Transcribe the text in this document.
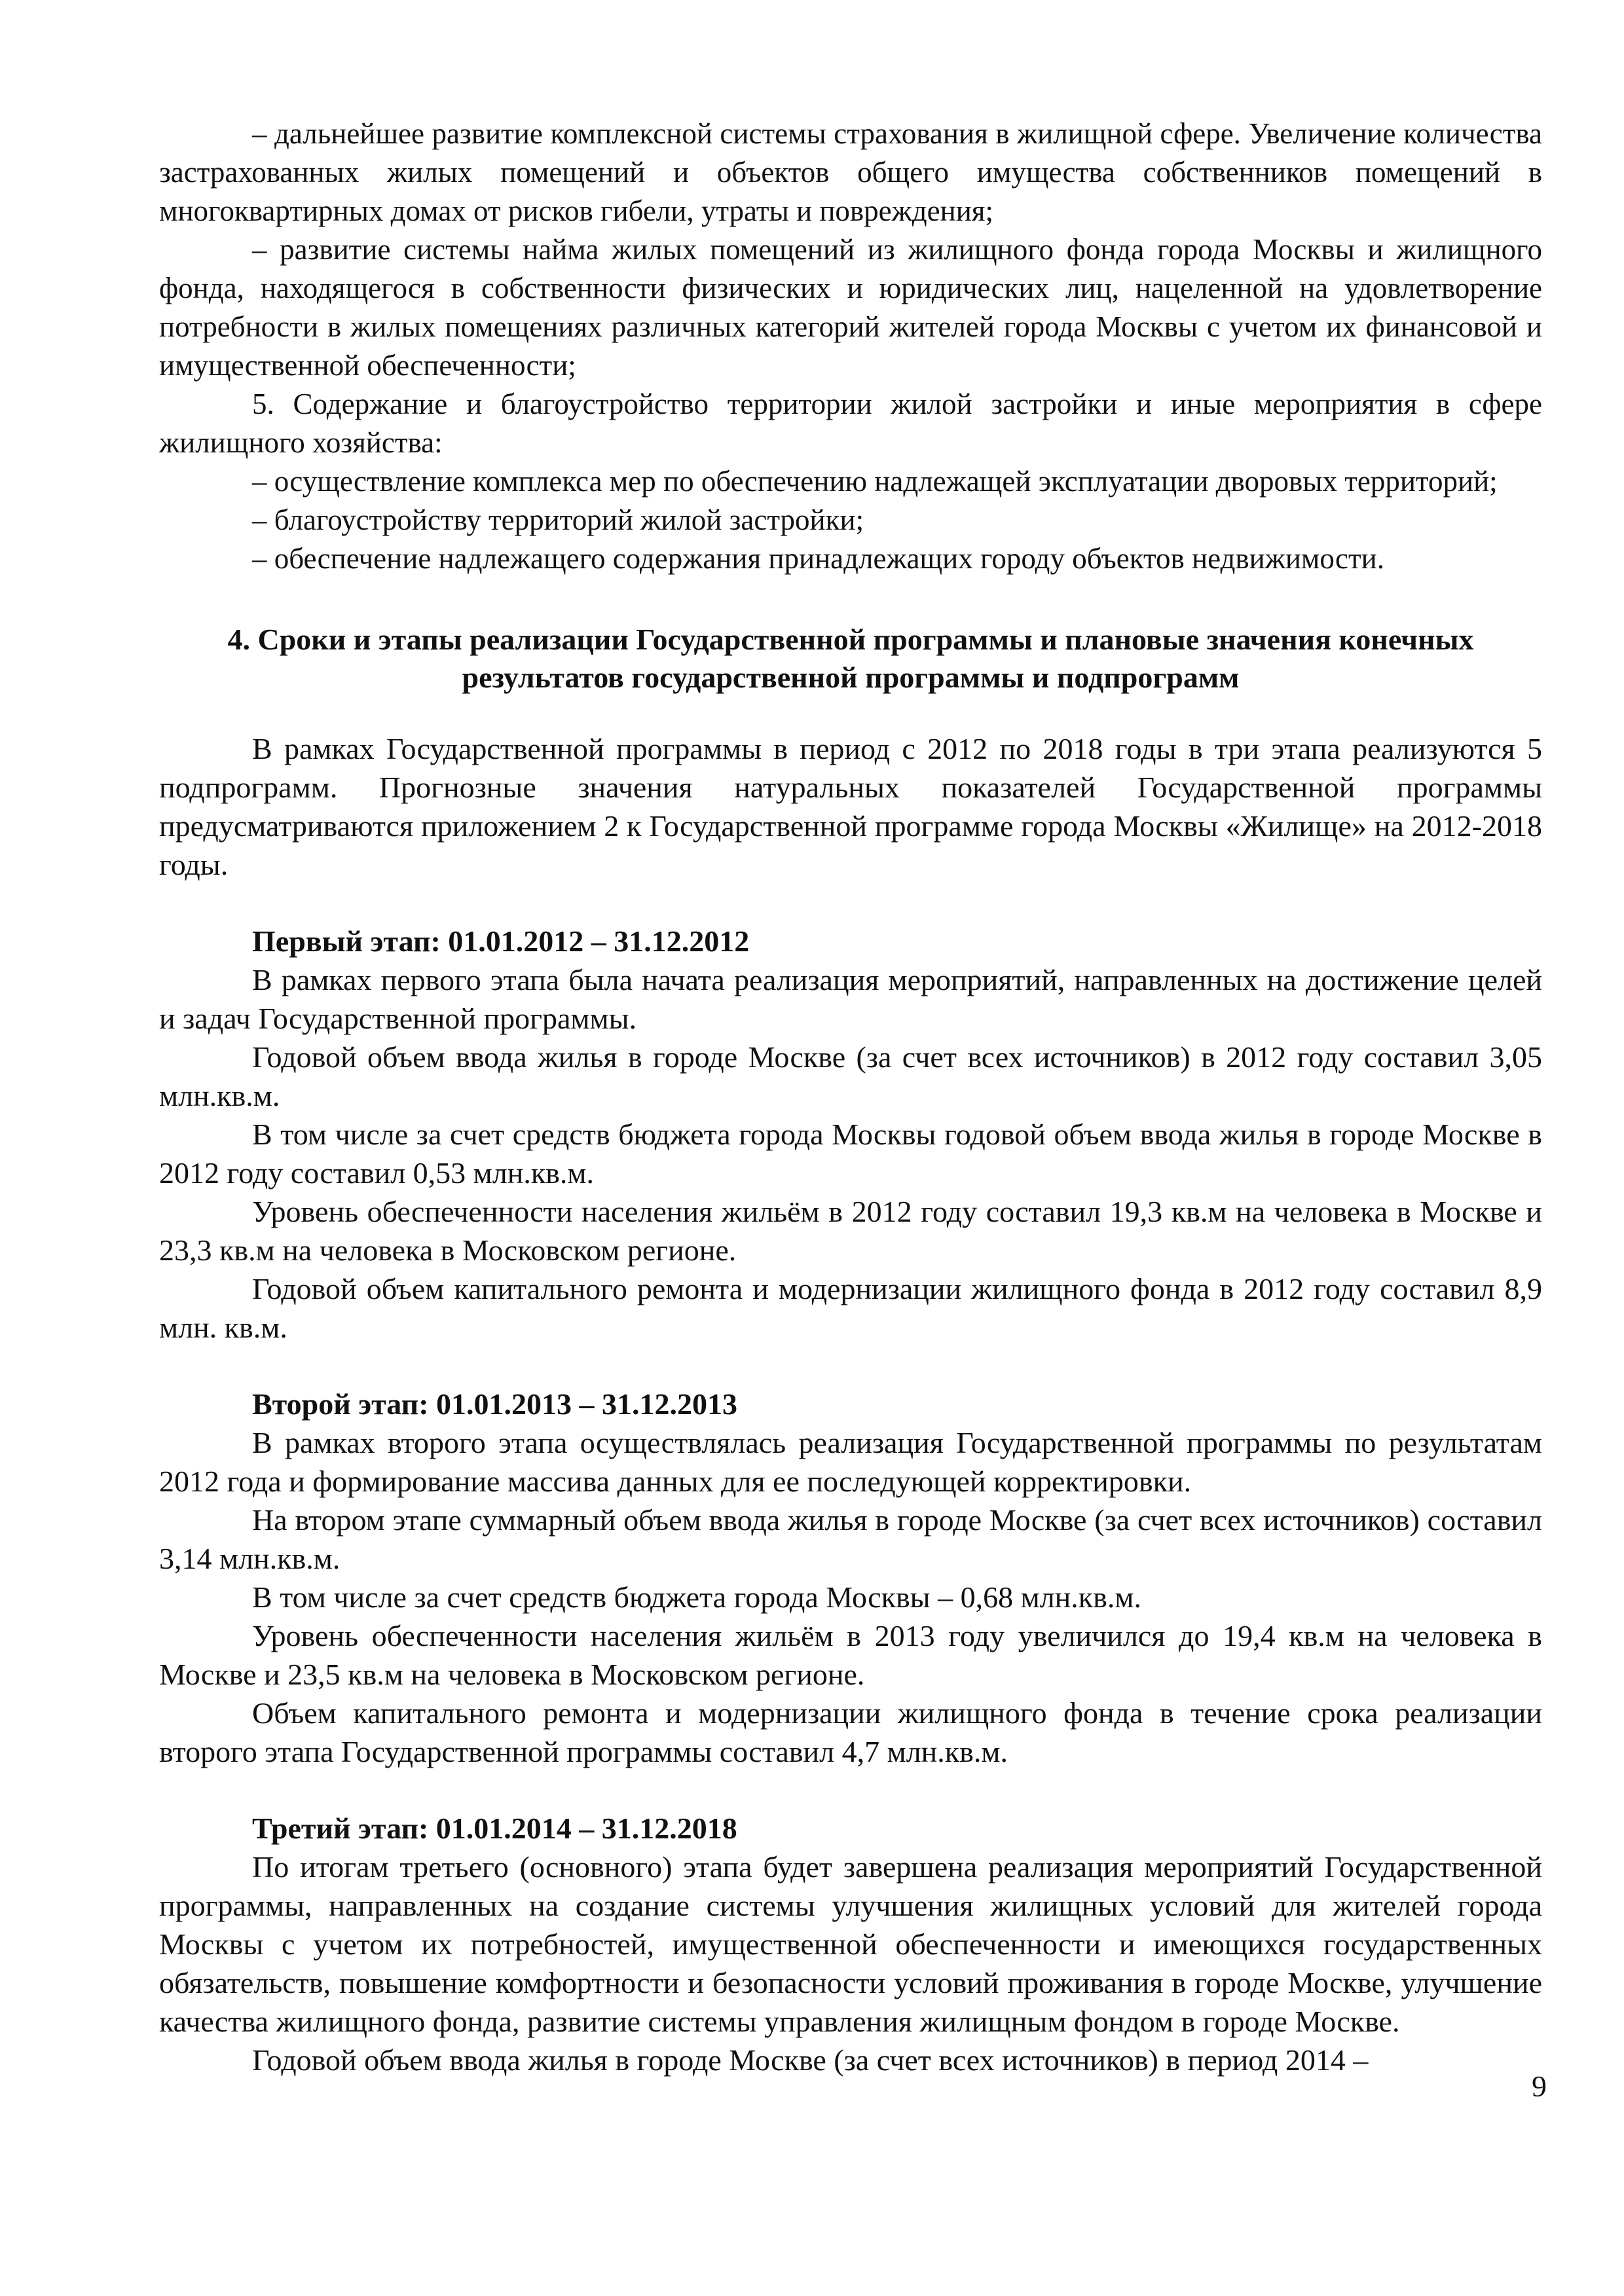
– дальнейшее развитие комплексной системы страхования в жилищной сфере. Увеличение количества застрахованных жилых помещений и объектов общего имущества собственников помещений в многоквартирных домах от рисков гибели, утраты и повреждения;

– развитие системы найма жилых помещений из жилищного фонда города Москвы и жилищного фонда, находящегося в собственности физических и юридических лиц, нацеленной на удовлетворение потребности в жилых помещениях различных категорий жителей города Москвы с учетом их финансовой и имущественной обеспеченности;

5. Содержание и благоустройство территории жилой застройки и иные мероприятия в сфере жилищного хозяйства:

– осуществление комплекса мер по обеспечению надлежащей эксплуатации дворовых территорий;

– благоустройству территорий жилой застройки;

– обеспечение надлежащего содержания принадлежащих городу объектов недвижимости.

4. Сроки и этапы реализации Государственной программы и плановые значения конечных результатов государственной программы и подпрограмм

В рамках Государственной программы в период с 2012 по 2018 годы в три этапа реализуются 5 подпрограмм. Прогнозные значения натуральных показателей Государственной программы предусматриваются приложением 2 к Государственной программе города Москвы «Жилище» на 2012-2018 годы.

Первый этап: 01.01.2012 – 31.12.2012

В рамках первого этапа была начата реализация мероприятий, направленных на достижение целей и задач Государственной программы.

Годовой объем ввода жилья в городе Москве (за счет всех источников) в 2012 году составил 3,05 млн.кв.м.

В том числе за счет средств бюджета города Москвы годовой объем ввода жилья в городе Москве в 2012 году составил 0,53 млн.кв.м.

Уровень обеспеченности населения жильём в 2012 году составил 19,3 кв.м на человека в Москве и 23,3 кв.м на человека в Московском регионе.

Годовой объем капитального ремонта и модернизации жилищного фонда в 2012 году составил 8,9 млн. кв.м.

Второй этап: 01.01.2013 – 31.12.2013

В рамках второго этапа осуществлялась реализация Государственной программы по результатам 2012 года и формирование массива данных для ее последующей корректировки.

На втором этапе суммарный объем ввода жилья в городе Москве (за счет всех источников) составил 3,14 млн.кв.м.

В том числе за счет средств бюджета города Москвы – 0,68 млн.кв.м.

Уровень обеспеченности населения жильём в 2013 году увеличился до 19,4 кв.м на человека в Москве и 23,5 кв.м на человека в Московском регионе.

Объем капитального ремонта и модернизации жилищного фонда в течение срока реализации второго этапа Государственной программы составил 4,7 млн.кв.м.

Третий этап: 01.01.2014 – 31.12.2018

По итогам третьего (основного) этапа будет завершена реализация мероприятий Государственной программы, направленных на создание системы улучшения жилищных условий для жителей города Москвы с учетом их потребностей, имущественной обеспеченности и имеющихся государственных обязательств, повышение комфортности и безопасности условий проживания в городе Москве, улучшение качества жилищного фонда, развитие системы управления жилищным фондом в городе Москве.

Годовой объем ввода жилья в городе Москве (за счет всех источников) в период 2014 –

9
